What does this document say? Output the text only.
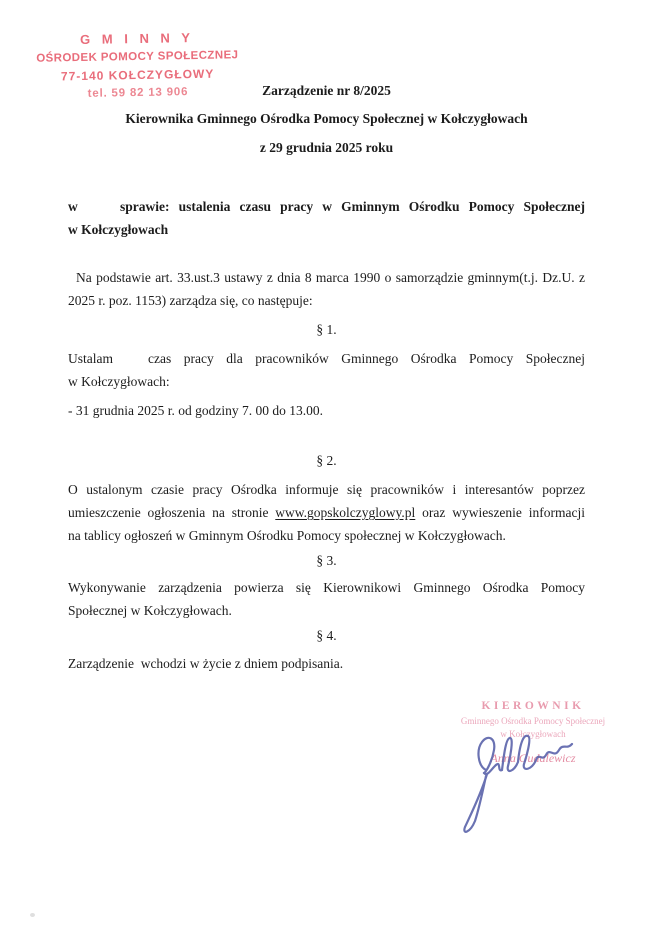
G M I N N Y
OŚRODEK POMOCY SPOŁECZNEJ
77-140 KOŁCZYGŁOWY
tel. 59 82 13 906	Zarządzenie nr 8/2025
Kierownika Gminnego Ośrodka Pomocy Społecznej w Kołczygłowach
z 29 grudnia 2025 roku
w	sprawie: ustalenia czasu pracy w Gminnym Ośrodku Pomocy Społecznej
w Kołczygłowach
Na podstawie art. 33.ust.3 ustawy z dnia 8 marca 1990 o samorządzie gminnym(t.j. Dz.U. z
2025 r. poz. 1153) zarządza się, co następuje:
§ 1.
Ustalam	czas pracy dla pracowników Gminnego Ośrodka Pomocy Społecznej
w Kołczygłowach:
- 31 grudnia 2025 r. od godziny 7. 00 do 13.00.
§ 2.
O ustalonym czasie pracy Ośrodka informuje się pracowników i interesantów poprzez
umieszczenie ogłoszenia na stronie www.gopskolczyglowy.pl oraz wywieszenie informacji
na tablicy ogłoszeń w Gminnym Ośrodku Pomocy społecznej w Kołczygłowach.
§ 3.
Wykonywanie zarządzenia powierza się Kierownikowi Gminnego Ośrodka Pomocy
Społecznej w Kołczygłowach.
§ 4.
Zarządzenie  wchodzi w życie z dniem podpisania.
KIEROWNIK
Gminnego Ośrodka Pomocy Społecznej
w Kołczygłowach
Anna Gudalewicz
